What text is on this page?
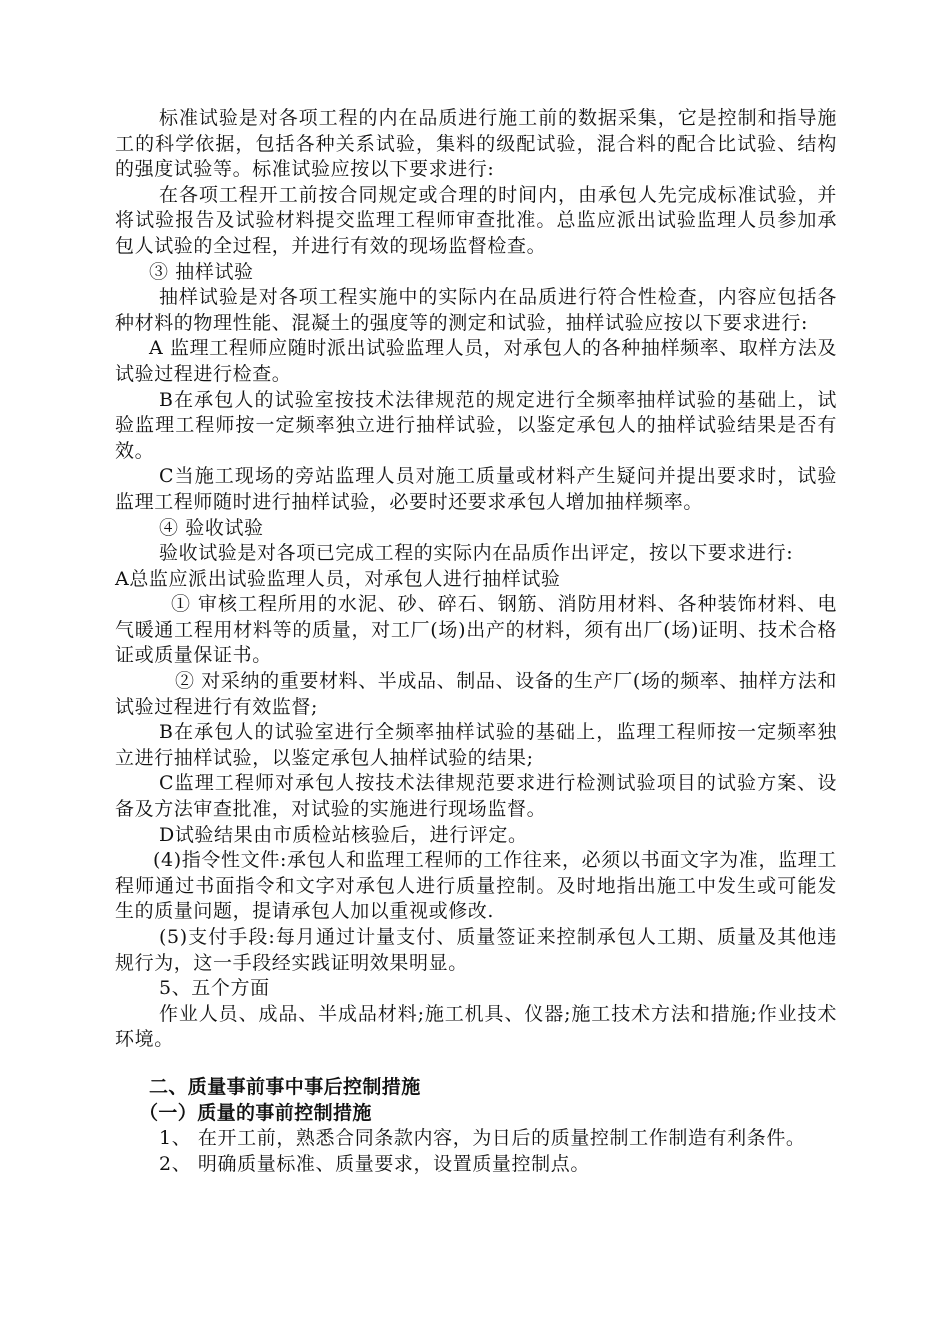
标准试验是对各项工程的内在品质进行施工前的数据采集，它是控制和指导施工的科学依据，包括各种关系试验，集料的级配试验，混合料的配合比试验、结构的强度试验等。标准试验应按以下要求进行:

在各项工程开工前按合同规定或合理的时间内，由承包人先完成标准试验，并将试验报告及试验材料提交监理工程师审查批准。总监应派出试验监理人员参加承包人试验的全过程，并进行有效的现场监督检查。

③ 抽样试验

抽样试验是对各项工程实施中的实际内在品质进行符合性检查，内容应包括各种材料的物理性能、混凝土的强度等的测定和试验，抽样试验应按以下要求进行:

A 监理工程师应随时派出试验监理人员，对承包人的各种抽样频率、取样方法及试验过程进行检查。

B在承包人的试验室按技术法律规范的规定进行全频率抽样试验的基础上，试验监理工程师按一定频率独立进行抽样试验，以鉴定承包人的抽样试验结果是否有效。

C当施工现场的旁站监理人员对施工质量或材料产生疑问并提出要求时，试验监理工程师随时进行抽样试验，必要时还要求承包人增加抽样频率。

④ 验收试验

验收试验是对各项已完成工程的实际内在品质作出评定，按以下要求进行:

A总监应派出试验监理人员，对承包人进行抽样试验

① 审核工程所用的水泥、砂、碎石、钢筋、消防用材料、各种装饰材料、电气暖通工程用材料等的质量，对工厂(场)出产的材料，须有出厂(场)证明、技术合格证或质量保证书。

② 对采纳的重要材料、半成品、制品、设备的生产厂(场的频率、抽样方法和试验过程进行有效监督;

B在承包人的试验室进行全频率抽样试验的基础上，监理工程师按一定频率独立进行抽样试验，以鉴定承包人抽样试验的结果;

C监理工程师对承包人按技术法律规范要求进行检测试验项目的试验方案、设备及方法审查批准，对试验的实施进行现场监督。

D试验结果由市质检站核验后，进行评定。

(4)指令性文件:承包人和监理工程师的工作往来，必须以书面文字为准，监理工程师通过书面指令和文字对承包人进行质量控制。及时地指出施工中发生或可能发生的质量问题，提请承包人加以重视或修改.

(5)支付手段:每月通过计量支付、质量签证来控制承包人工期、质量及其他违规行为，这一手段经实践证明效果明显。

5、五个方面

作业人员、成品、半成品材料;施工机具、仪器;施工技术方法和措施;作业技术环境。

二、质量事前事中事后控制措施

（一）质量的事前控制措施

1、 在开工前，熟悉合同条款内容，为日后的质量控制工作制造有利条件。

2、 明确质量标准、质量要求，设置质量控制点。
